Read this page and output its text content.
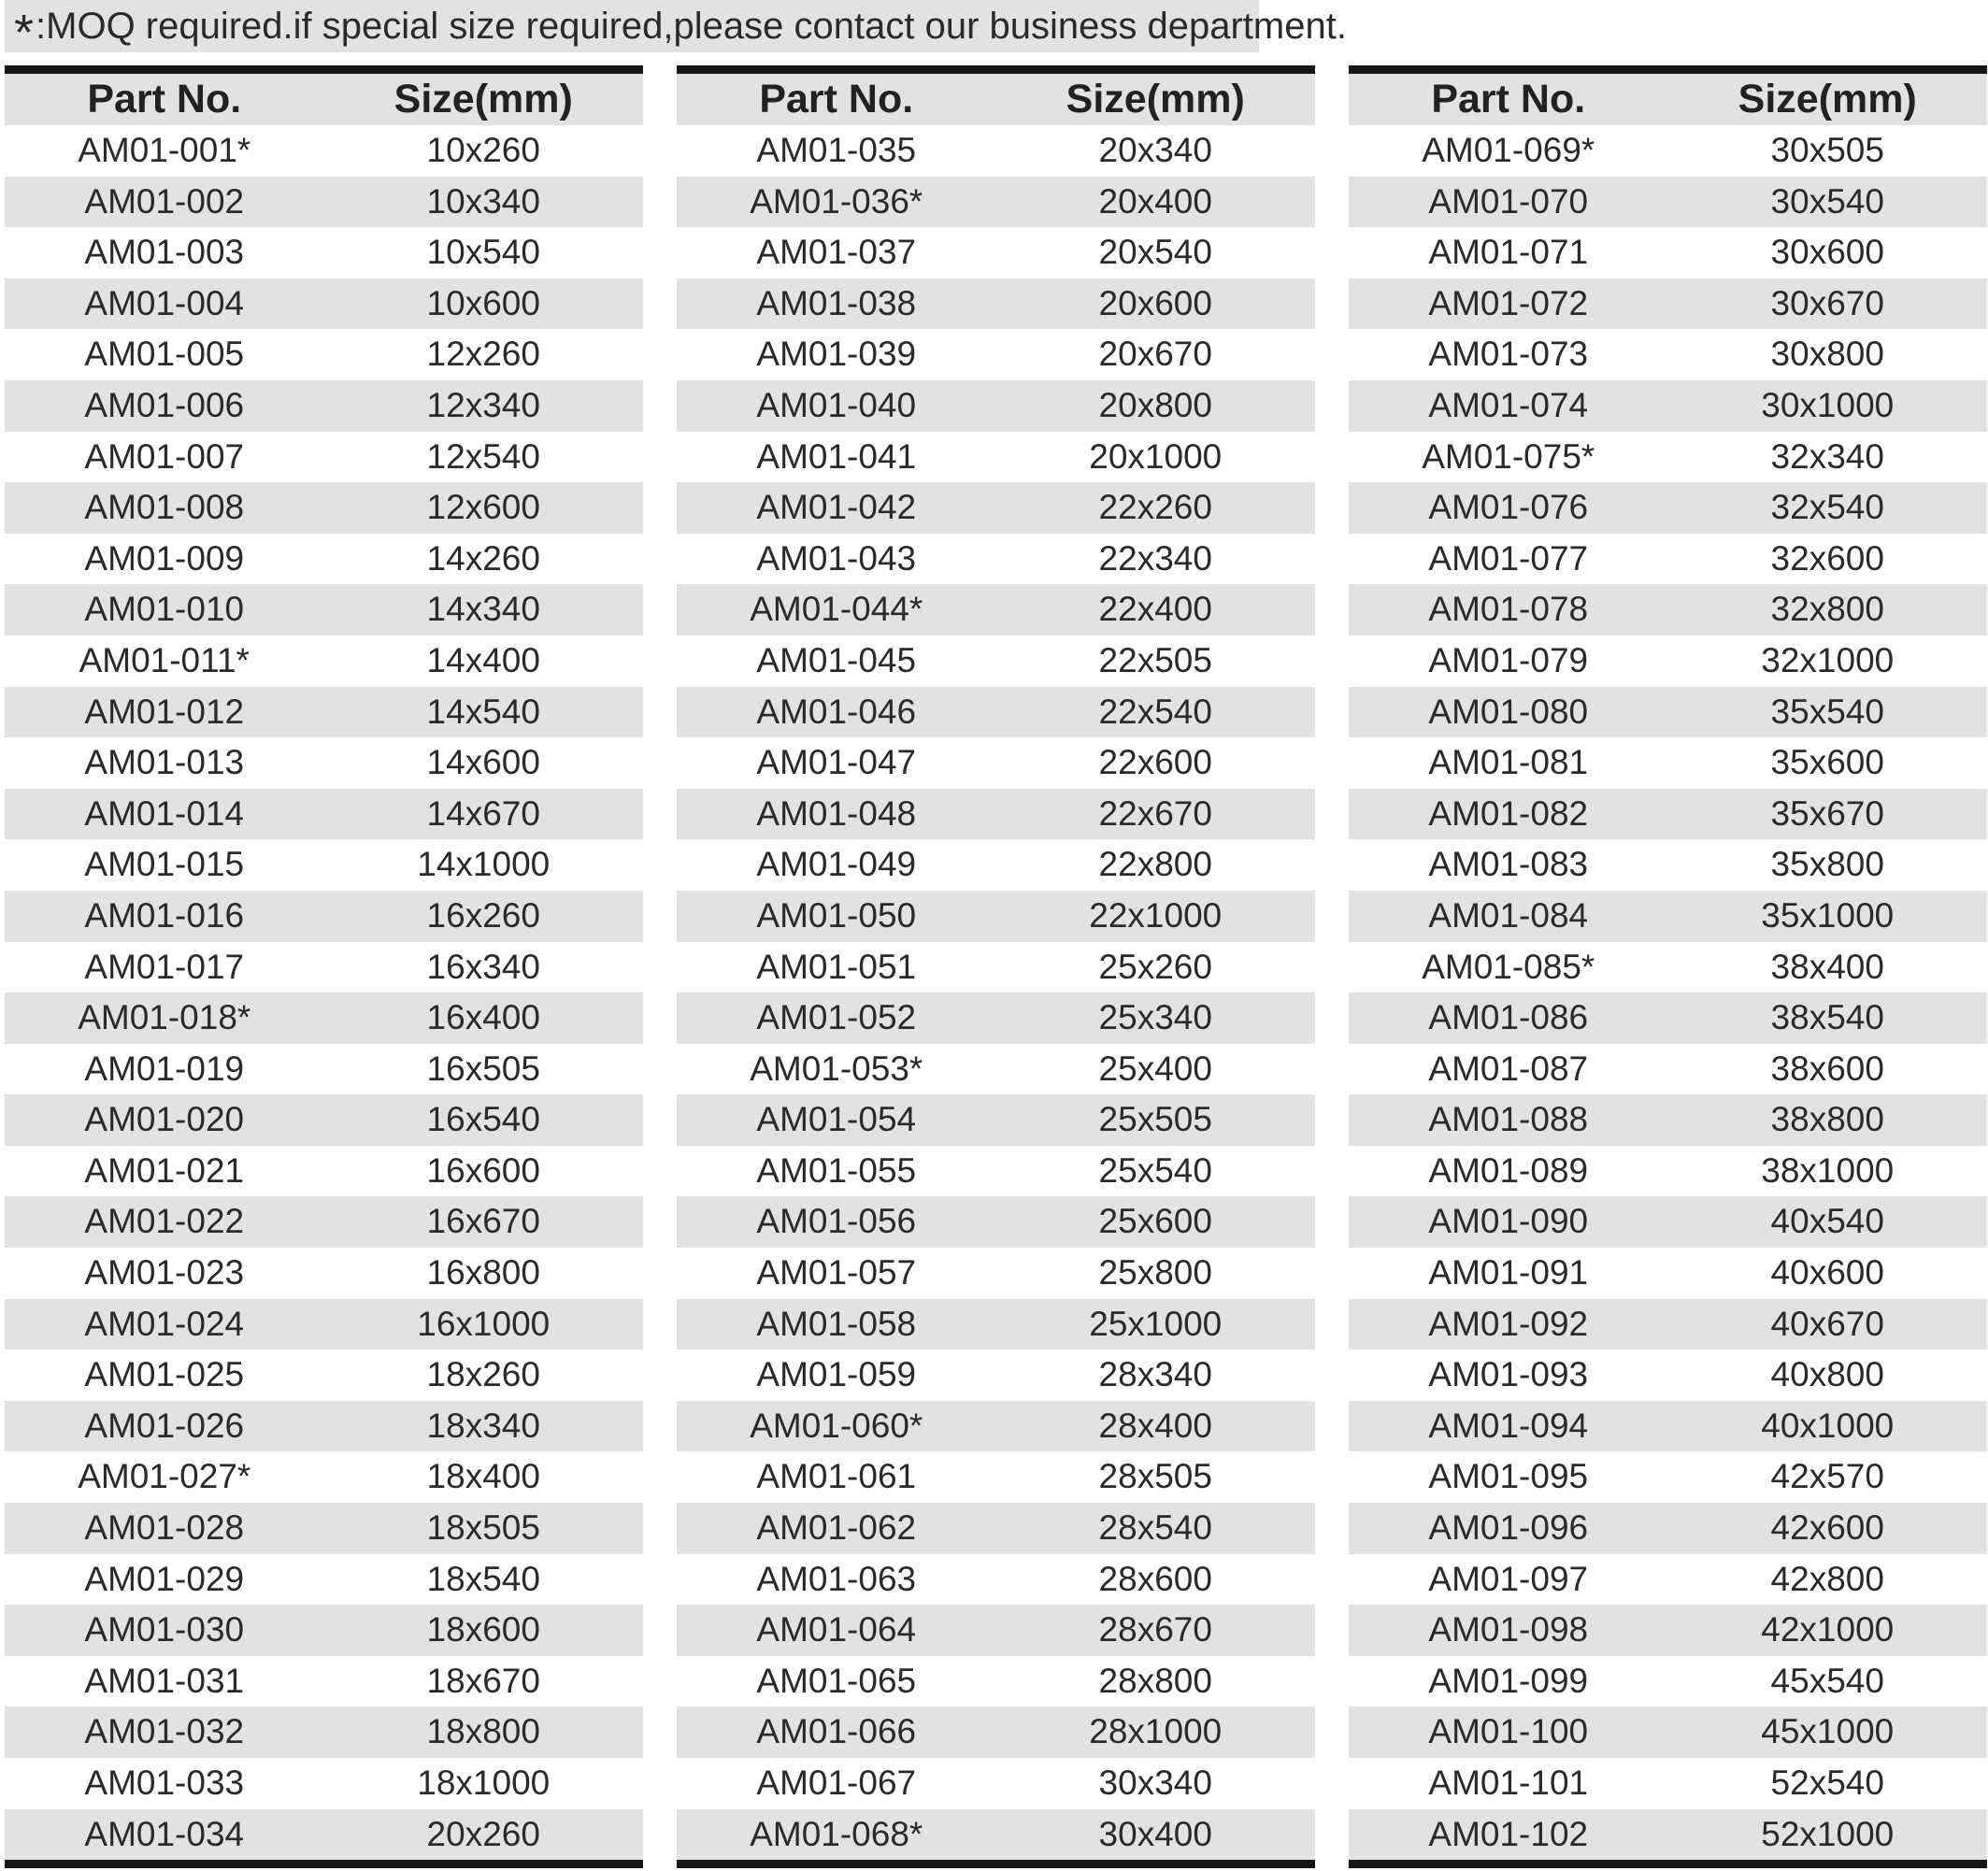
*:MOQ required.if special size required,please contact our business department.
Part No.	Size(mm)
AM01-001*	10x260
AM01-002	10x340
AM01-003	10x540
AM01-004	10x600
AM01-005	12x260
AM01-006	12x340
AM01-007	12x540
AM01-008	12x600
AM01-009	14x260
AM01-010	14x340
AM01-011*	14x400
AM01-012	14x540
AM01-013	14x600
AM01-014	14x670
AM01-015	14x1000
AM01-016	16x260
AM01-017	16x340
AM01-018*	16x400
AM01-019	16x505
AM01-020	16x540
AM01-021	16x600
AM01-022	16x670
AM01-023	16x800
AM01-024	16x1000
AM01-025	18x260
AM01-026	18x340
AM01-027*	18x400
AM01-028	18x505
AM01-029	18x540
AM01-030	18x600
AM01-031	18x670
AM01-032	18x800
AM01-033	18x1000
AM01-034	20x260
Part No.	Size(mm)
AM01-035	20x340
AM01-036*	20x400
AM01-037	20x540
AM01-038	20x600
AM01-039	20x670
AM01-040	20x800
AM01-041	20x1000
AM01-042	22x260
AM01-043	22x340
AM01-044*	22x400
AM01-045	22x505
AM01-046	22x540
AM01-047	22x600
AM01-048	22x670
AM01-049	22x800
AM01-050	22x1000
AM01-051	25x260
AM01-052	25x340
AM01-053*	25x400
AM01-054	25x505
AM01-055	25x540
AM01-056	25x600
AM01-057	25x800
AM01-058	25x1000
AM01-059	28x340
AM01-060*	28x400
AM01-061	28x505
AM01-062	28x540
AM01-063	28x600
AM01-064	28x670
AM01-065	28x800
AM01-066	28x1000
AM01-067	30x340
AM01-068*	30x400
Part No.	Size(mm)
AM01-069*	30x505
AM01-070	30x540
AM01-071	30x600
AM01-072	30x670
AM01-073	30x800
AM01-074	30x1000
AM01-075*	32x340
AM01-076	32x540
AM01-077	32x600
AM01-078	32x800
AM01-079	32x1000
AM01-080	35x540
AM01-081	35x600
AM01-082	35x670
AM01-083	35x800
AM01-084	35x1000
AM01-085*	38x400
AM01-086	38x540
AM01-087	38x600
AM01-088	38x800
AM01-089	38x1000
AM01-090	40x540
AM01-091	40x600
AM01-092	40x670
AM01-093	40x800
AM01-094	40x1000
AM01-095	42x570
AM01-096	42x600
AM01-097	42x800
AM01-098	42x1000
AM01-099	45x540
AM01-100	45x1000
AM01-101	52x540
AM01-102	52x1000
